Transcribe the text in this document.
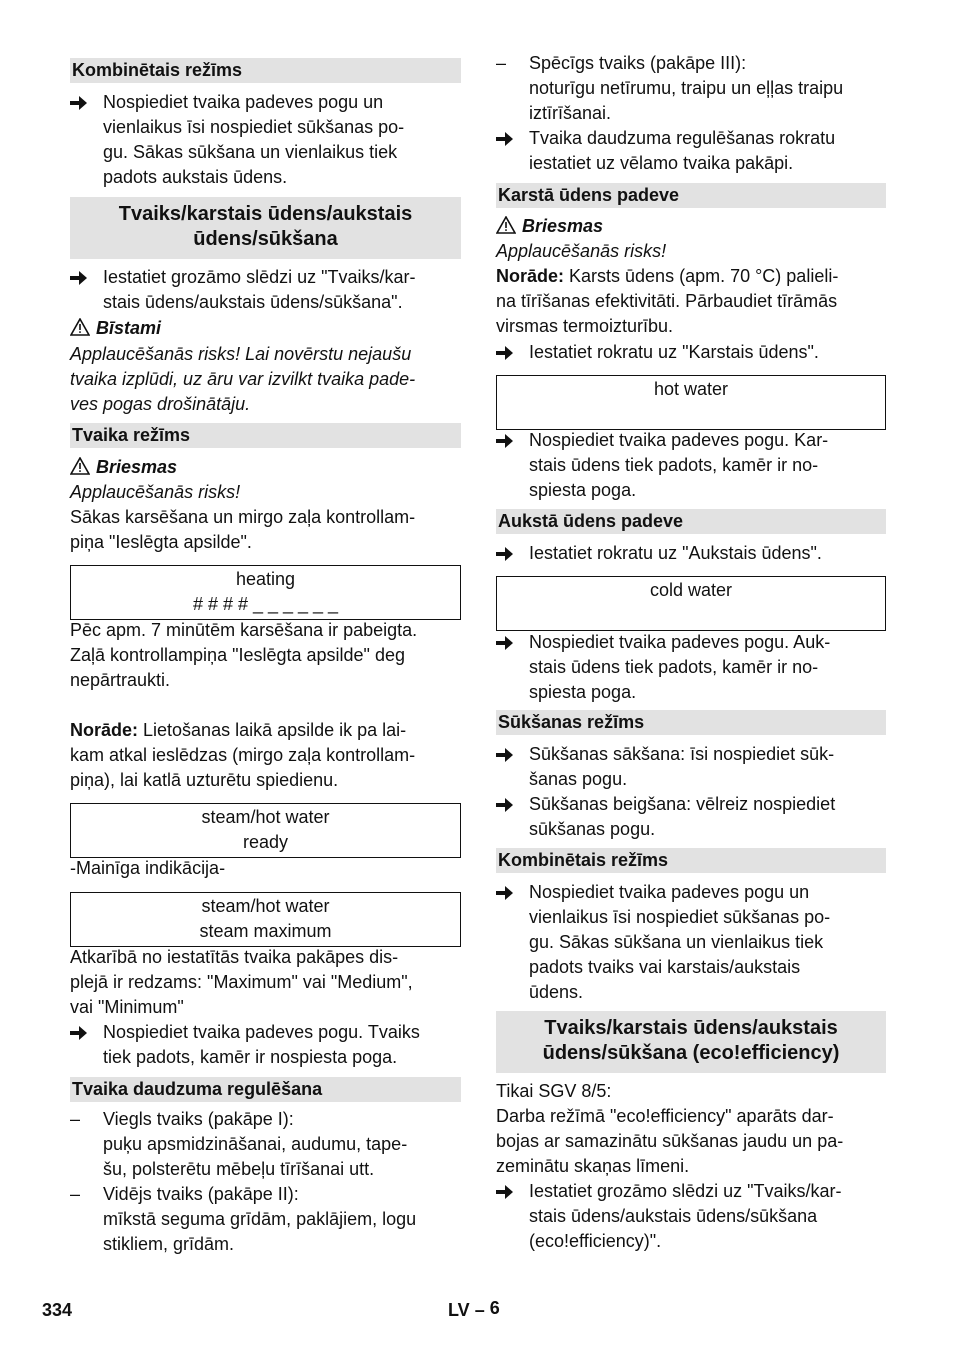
Kombinētais režīms
Nospiediet tvaika padeves pogu un
vienlaikus īsi nospiediet sūkšanas po-
gu. Sākas sūkšana un vienlaikus tiek
padots aukstais ūdens.
Tvaiks/karstais ūdens/aukstais
ūdens/sūkšana
Iestatiet grozāmo slēdzi uz "Tvaiks/kar-
stais ūdens/aukstais ūdens/sūkšana".
Bīstami
Applaucēšanās risks! Lai novērstu nejaušu
tvaika izplūdi, uz āru var izvilkt tvaika pade-
ves pogas drošinātāju.
Tvaika režīms
Briesmas
Applaucēšanās risks!
Sākas karsēšana un mirgo zaļa kontrollam-
piņa "Ieslēgta apsilde".
heating
# # # # _ _ _ _ _ _
Pēc apm. 7 minūtēm karsēšana ir pabeigta.
Zaļā kontrollampiņa "Ieslēgta apsilde" deg
nepārtraukti.
Norāde: Lietošanas laikā apsilde ik pa lai-
kam atkal ieslēdzas (mirgo zaļa kontrollam-
piņa), lai katlā uzturētu spiedienu.
steam/hot water
ready
-Mainīga indikācija-
steam/hot water
steam maximum
Atkarībā no iestatītās tvaika pakāpes dis-
plejā ir redzams: "Maximum" vai "Medium",
vai "Minimum"
Nospiediet tvaika padeves pogu. Tvaiks
tiek padots, kamēr ir nospiesta poga.
Tvaika daudzuma regulēšana
–	Viegls tvaiks (pakāpe I):
puķu apsmidzināšanai, audumu, tape-
šu, polsterētu mēbeļu tīrīšanai utt.
–	Vidējs tvaiks (pakāpe II):
mīkstā seguma grīdām, paklājiem, logu
stikliem, grīdām.
–	Spēcīgs tvaiks (pakāpe III):
noturīgu netīrumu, traipu un eļļas traipu
iztīrīšanai.
Tvaika daudzuma regulēšanas rokratu
iestatiet uz vēlamo tvaika pakāpi.
Karstā ūdens padeve
Briesmas
Applaucēšanās risks!
Norāde: Karsts ūdens (apm. 70 °C) palieli-
na tīrīšanas efektivitāti. Pārbaudiet tīrāmās
virsmas termoizturību.
Iestatiet rokratu uz "Karstais ūdens".
hot water
Nospiediet tvaika padeves pogu. Kar-
stais ūdens tiek padots, kamēr ir no-
spiesta poga.
Aukstā ūdens padeve
Iestatiet rokratu uz "Aukstais ūdens".
cold water
Nospiediet tvaika padeves pogu. Auk-
stais ūdens tiek padots, kamēr ir no-
spiesta poga.
Sūkšanas režīms
Sūkšanas sākšana: īsi nospiediet sūk-
šanas pogu.
Sūkšanas beigšana: vēlreiz nospiediet
sūkšanas pogu.
Kombinētais režīms
Nospiediet tvaika padeves pogu un
vienlaikus īsi nospiediet sūkšanas po-
gu. Sākas sūkšana un vienlaikus tiek
padots tvaiks vai karstais/aukstais
ūdens.
Tvaiks/karstais ūdens/aukstais
ūdens/sūkšana (eco!efficiency)
Tikai SGV 8/5:
Darba režīmā "eco!efficiency" aparāts dar-
bojas ar samazinātu sūkšanas jaudu un pa-
zeminātu skaņas līmeni.
Iestatiet grozāmo slēdzi uz "Tvaiks/kar-
stais ūdens/aukstais ūdens/sūkšana
(eco!efficiency)".
334	LV – 6
